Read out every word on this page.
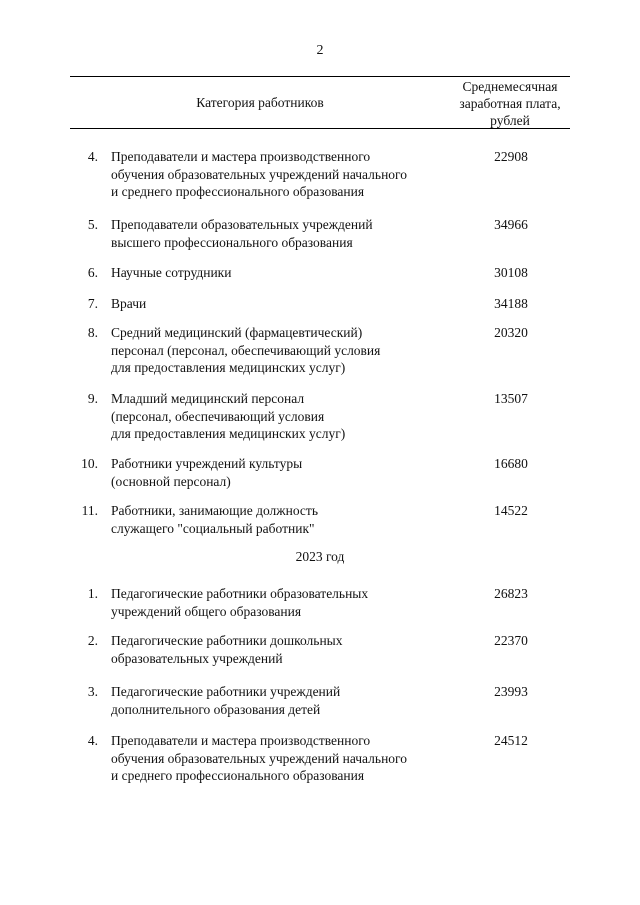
2
Категория работников
Среднемесячная
заработная плата,
рублей
4. Преподаватели и мастера производственного
обучения образовательных учреждений начального
и среднего профессионального образования
22908
5. Преподаватели образовательных учреждений
высшего профессионального образования
34966
6. Научные сотрудники	30108
7. Врачи	34188
8. Средний медицинский (фармацевтический)
персонал (персонал, обеспечивающий условия
для предоставления медицинских услуг)
20320
9. Младший медицинский персонал
(персонал, обеспечивающий условия
для предоставления медицинских услуг)
13507
10. Работники учреждений культуры
(основной персонал)
16680
11. Работники, занимающие должность
служащего "социальный работник"
14522
2023 год
1. Педагогические работники образовательных
учреждений общего образования
26823
2. Педагогические работники дошкольных
образовательных учреждений
22370
3. Педагогические работники учреждений
дополнительного образования детей
23993
4. Преподаватели и мастера производственного
обучения образовательных учреждений начального
и среднего профессионального образования
24512
